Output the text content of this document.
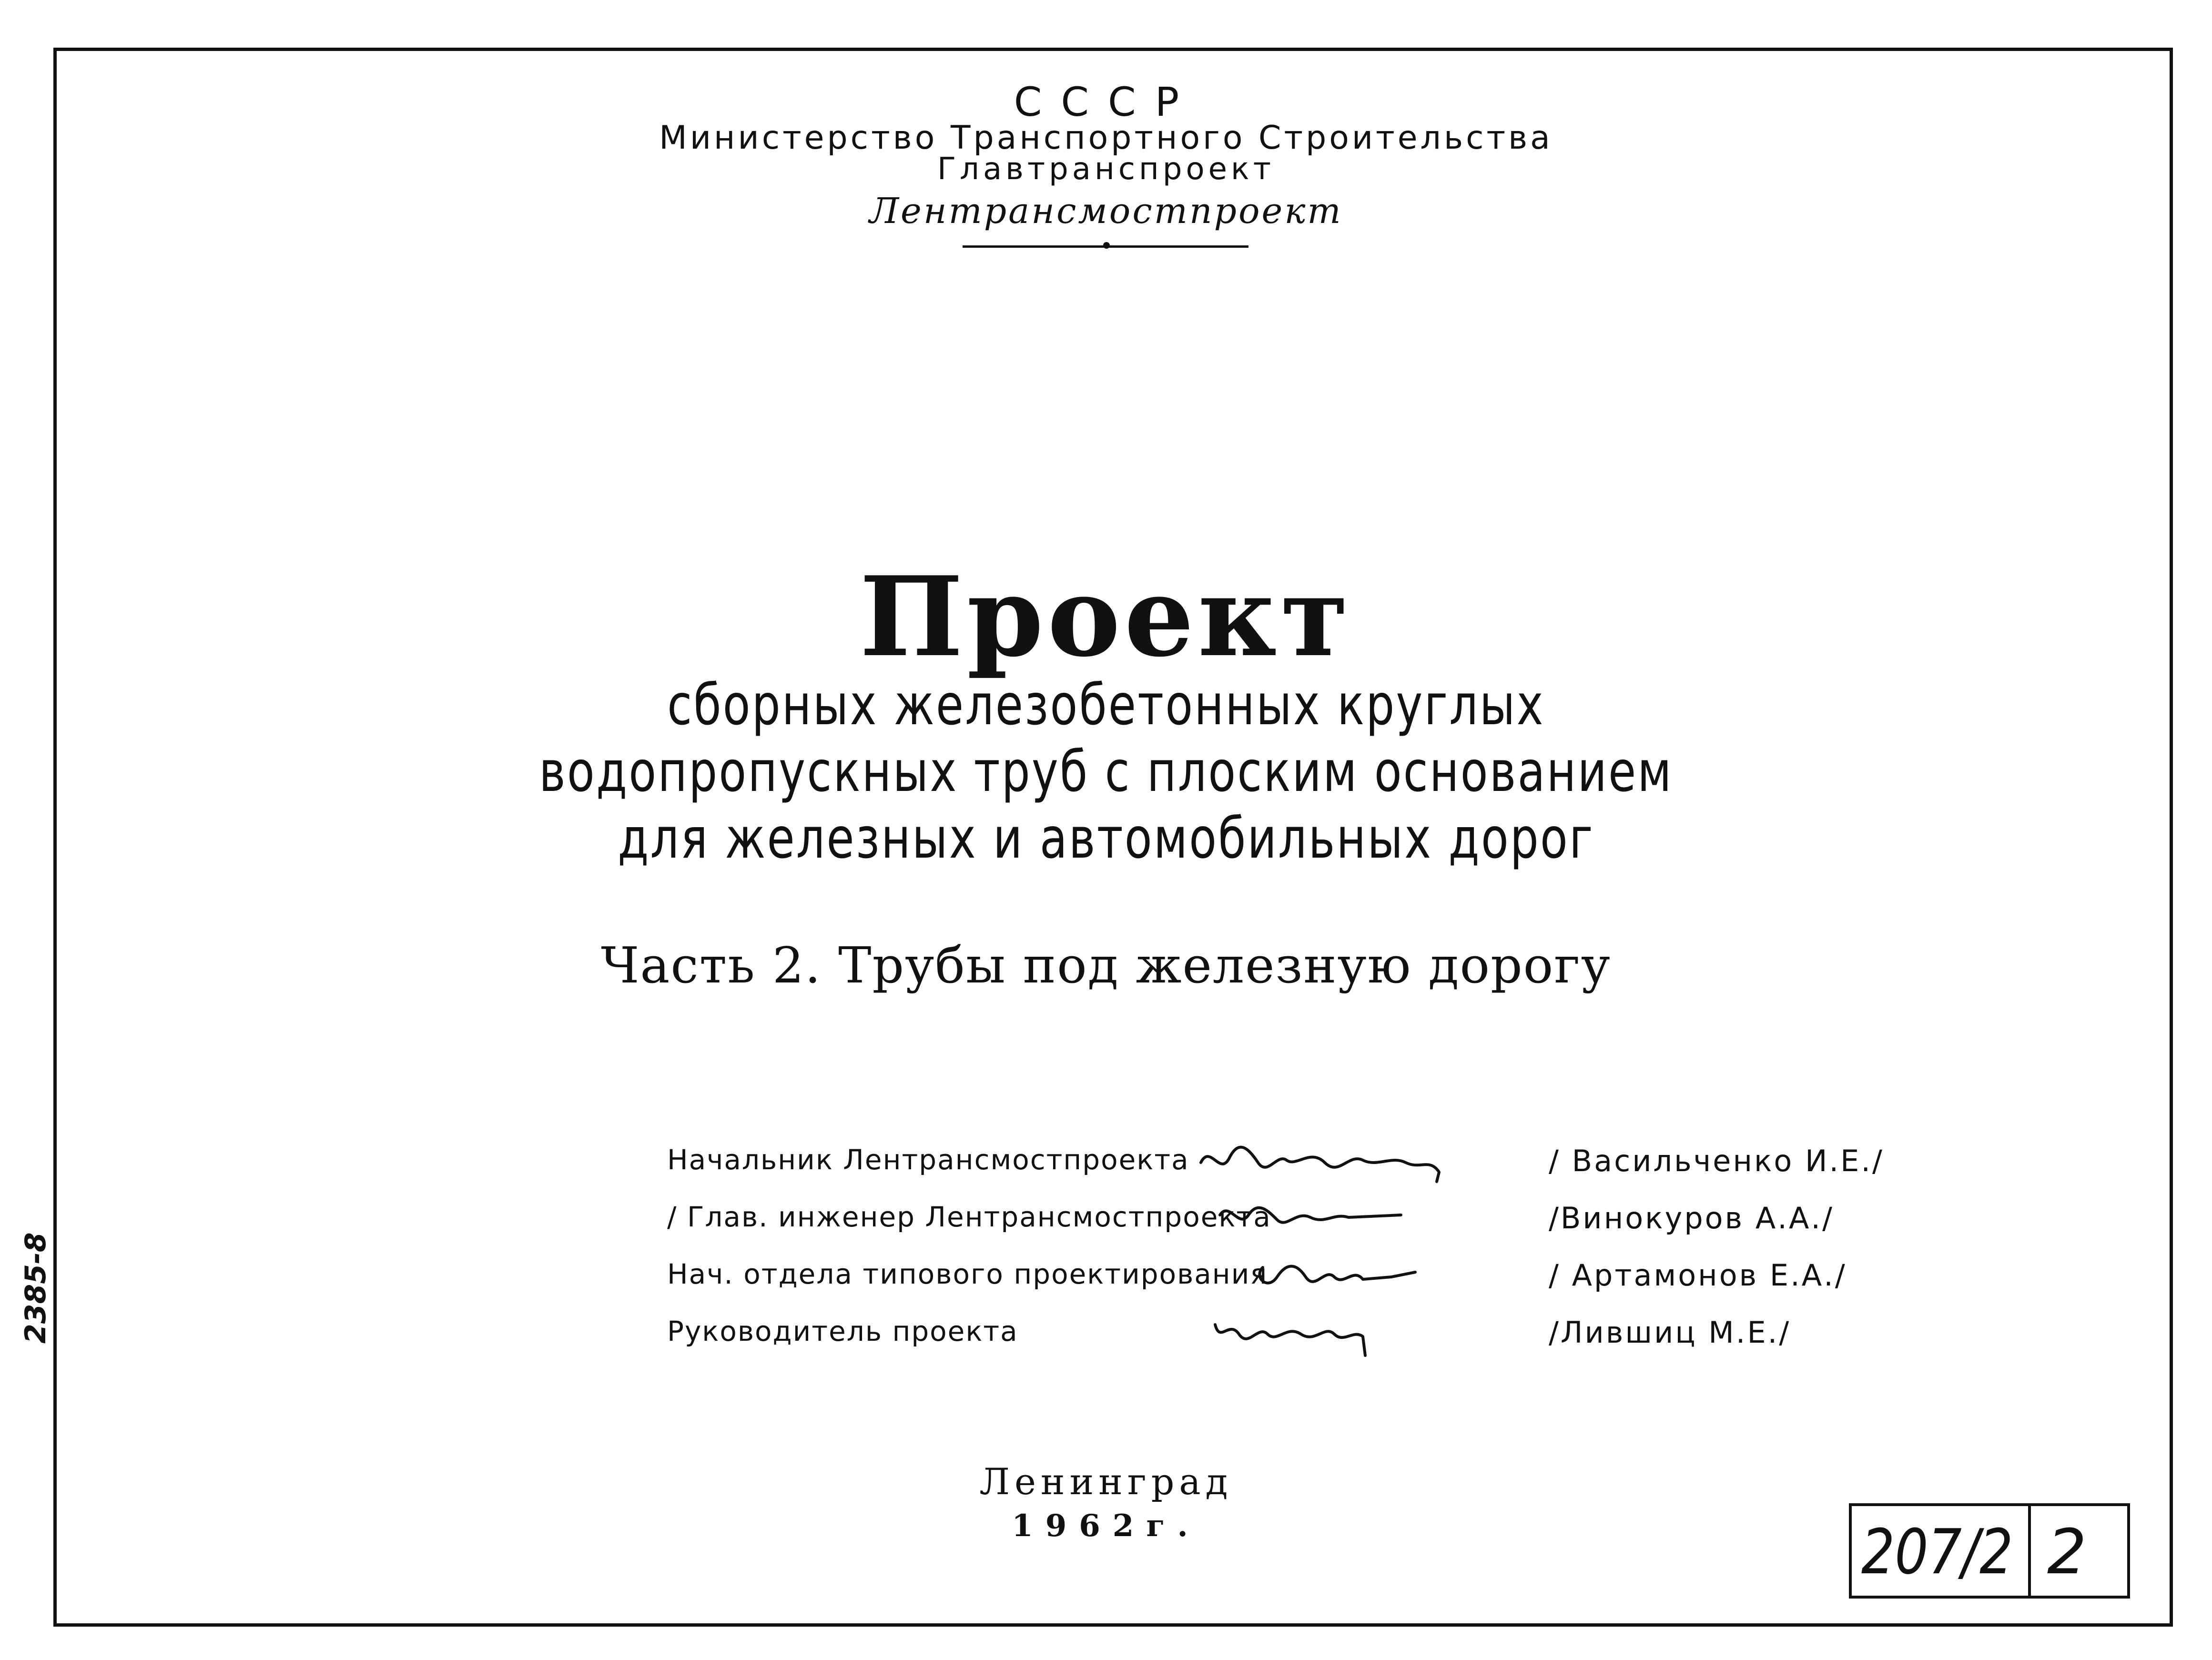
СССР
Министерство Транспортного Строительства
Главтранспроект
Лентрансмостпроект
Проект
сборных железобетонных круглых
водопропускных труб с плоским основанием
для железных и автомобильных дорог
Часть 2. Трубы под железную дорогу
Начальник Лентрансмостпроекта	/ Васильченко И.Е./
/ Глав. инженер Лентрансмостпроекта	/Винокуров А.А./
Нач. отдела типового проектирования	/ Артамонов Е.А./
Руководитель проекта	/Лившиц М.Е./
Ленинград
1962г.	207/2 2
2385-8
